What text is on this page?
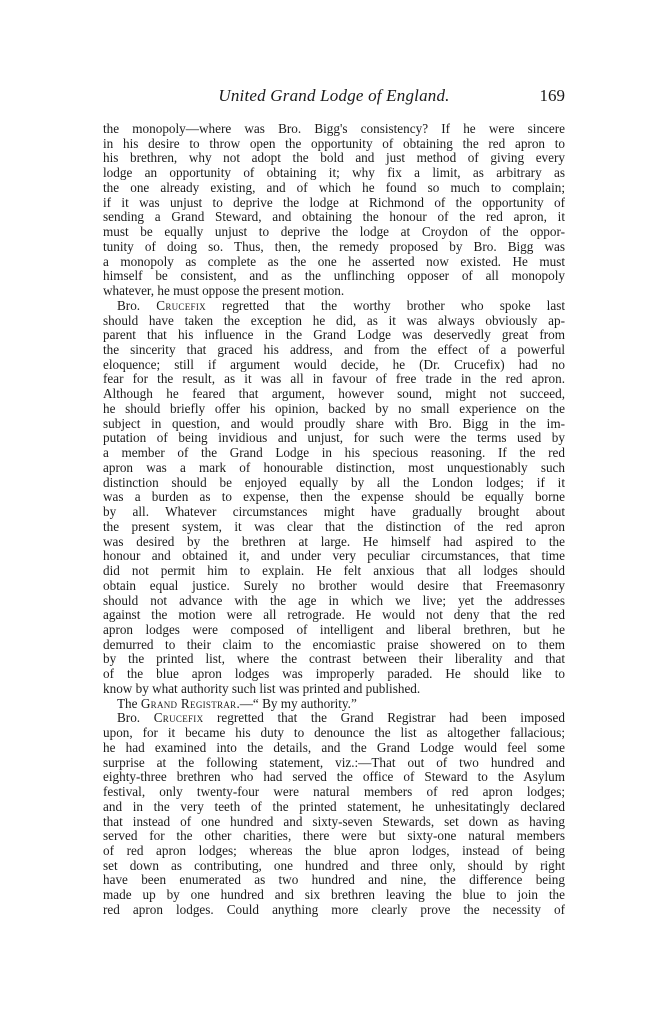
United Grand Lodge of England.	169
the monopoly—where was Bro. Bigg's consistency? If he were sincere
in his desire to throw open the opportunity of obtaining the red apron to
his brethren, why not adopt the bold and just method of giving every
lodge an opportunity of obtaining it; why fix a limit, as arbitrary as
the one already existing, and of which he found so much to complain;
if it was unjust to deprive the lodge at Richmond of the opportunity of
sending a Grand Steward, and obtaining the honour of the red apron, it
must be equally unjust to deprive the lodge at Croydon of the oppor-
tunity of doing so. Thus, then, the remedy proposed by Bro. Bigg was
a monopoly as complete as the one he asserted now existed. He must
himself be consistent, and as the unflinching opposer of all monopoly
whatever, he must oppose the present motion.
Bro. Crucefix regretted that the worthy brother who spoke last
should have taken the exception he did, as it was always obviously ap-
parent that his influence in the Grand Lodge was deservedly great from
the sincerity that graced his address, and from the effect of a powerful
eloquence; still if argument would decide, he (Dr. Crucefix) had no
fear for the result, as it was all in favour of free trade in the red apron.
Although he feared that argument, however sound, might not succeed,
he should briefly offer his opinion, backed by no small experience on the
subject in question, and would proudly share with Bro. Bigg in the im-
putation of being invidious and unjust, for such were the terms used by
a member of the Grand Lodge in his specious reasoning. If the red
apron was a mark of honourable distinction, most unquestionably such
distinction should be enjoyed equally by all the London lodges; if it
was a burden as to expense, then the expense should be equally borne
by all. Whatever circumstances might have gradually brought about
the present system, it was clear that the distinction of the red apron
was desired by the brethren at large. He himself had aspired to the
honour and obtained it, and under very peculiar circumstances, that time
did not permit him to explain. He felt anxious that all lodges should
obtain equal justice. Surely no brother would desire that Freemasonry
should not advance with the age in which we live; yet the addresses
against the motion were all retrograde. He would not deny that the red
apron lodges were composed of intelligent and liberal brethren, but he
demurred to their claim to the encomiastic praise showered on to them
by the printed list, where the contrast between their liberality and that
of the blue apron lodges was improperly paraded. He should like to
know by what authority such list was printed and published.
The Grand Registrar.—“ By my authority.”
Bro. Crucefix regretted that the Grand Registrar had been imposed
upon, for it became his duty to denounce the list as altogether fallacious;
he had examined into the details, and the Grand Lodge would feel some
surprise at the following statement, viz.:—That out of two hundred and
eighty-three brethren who had served the office of Steward to the Asylum
festival, only twenty-four were natural members of red apron lodges;
and in the very teeth of the printed statement, he unhesitatingly declared
that instead of one hundred and sixty-seven Stewards, set down as having
served for the other charities, there were but sixty-one natural members
of red apron lodges; whereas the blue apron lodges, instead of being
set down as contributing, one hundred and three only, should by right
have been enumerated as two hundred and nine, the difference being
made up by one hundred and six brethren leaving the blue to join the
red apron lodges. Could anything more clearly prove the necessity of
